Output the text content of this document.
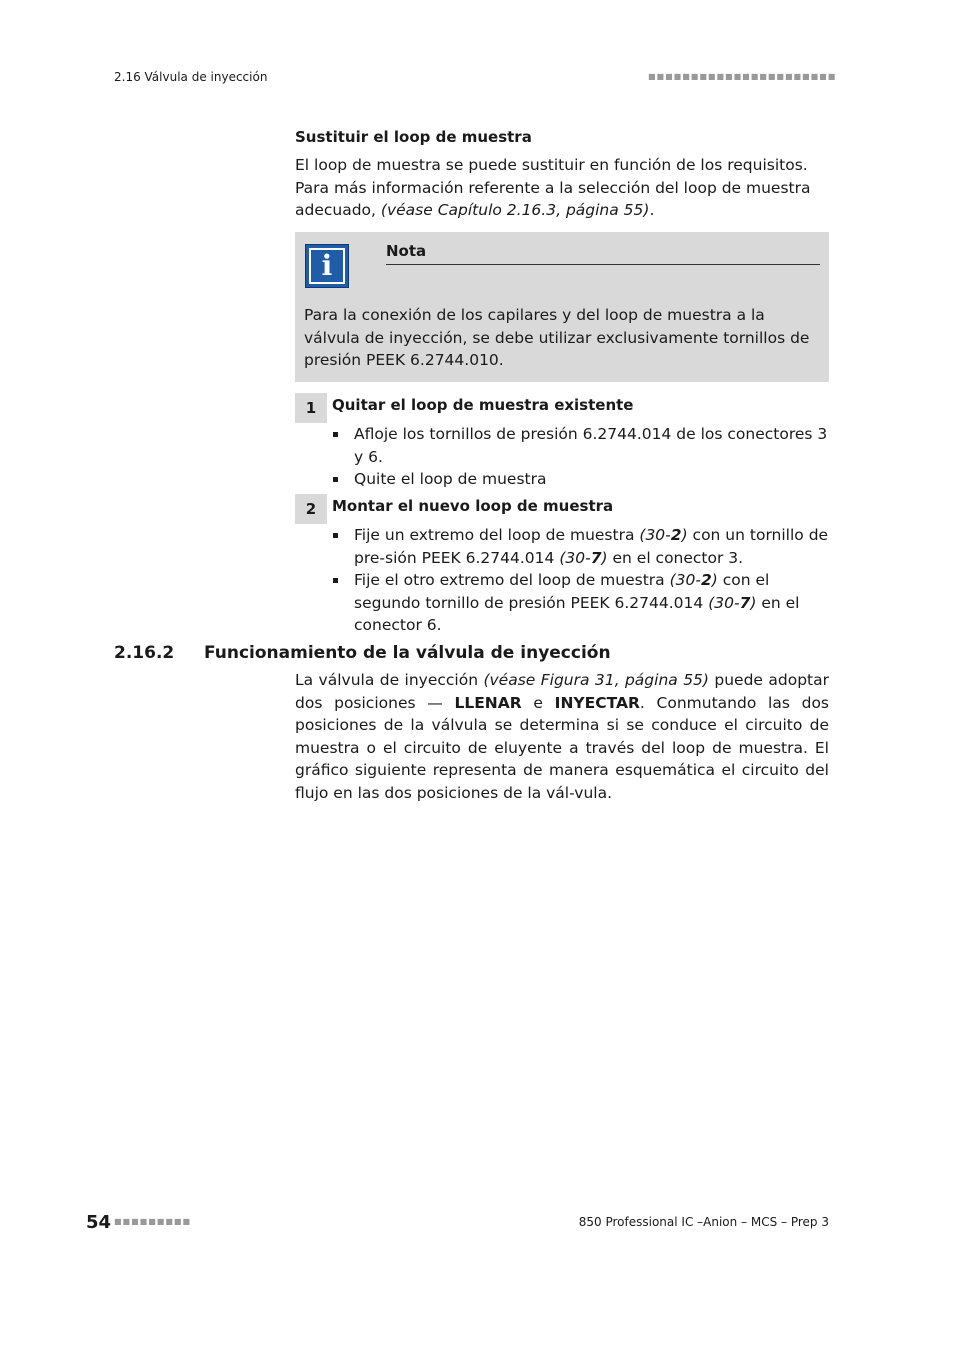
2.16 Válvula de inyección	■■■■■■■■■■■■■■■■■■■■■■
Sustituir el loop de muestra
El loop de muestra se puede sustituir en función de los requisitos. Para más información referente a la selección del loop de muestra adecuado, (véase Capítulo 2.16.3, página 55).
i	Nota
Para la conexión de los capilares y del loop de muestra a la válvula de inyección, se debe utilizar exclusivamente tornillos de presión PEEK 6.2744.010.
1	Quitar el loop de muestra existente
Afloje los tornillos de presión 6.2744.014 de los conectores 3 y 6.
Quite el loop de muestra
2	Montar el nuevo loop de muestra
Fije un extremo del loop de muestra (30-2) con un tornillo de pre-sión PEEK 6.2744.014 (30-7) en el conector 3.
Fije el otro extremo del loop de muestra (30-2) con el segundo tornillo de presión PEEK 6.2744.014 (30-7) en el conector 6.
2.16.2 Funcionamiento de la válvula de inyección
La válvula de inyección (véase Figura 31, página 55) puede adoptar dos posiciones — LLENAR e INYECTAR. Conmutando las dos posiciones de la válvula se determina si se conduce el circuito de muestra o el circuito de eluyente a través del loop de muestra. El gráfico siguiente representa de manera esquemática el circuito del flujo en las dos posiciones de la vál-vula.
54 ■■■■■■■■■	850 Professional IC –Anion – MCS – Prep 3
